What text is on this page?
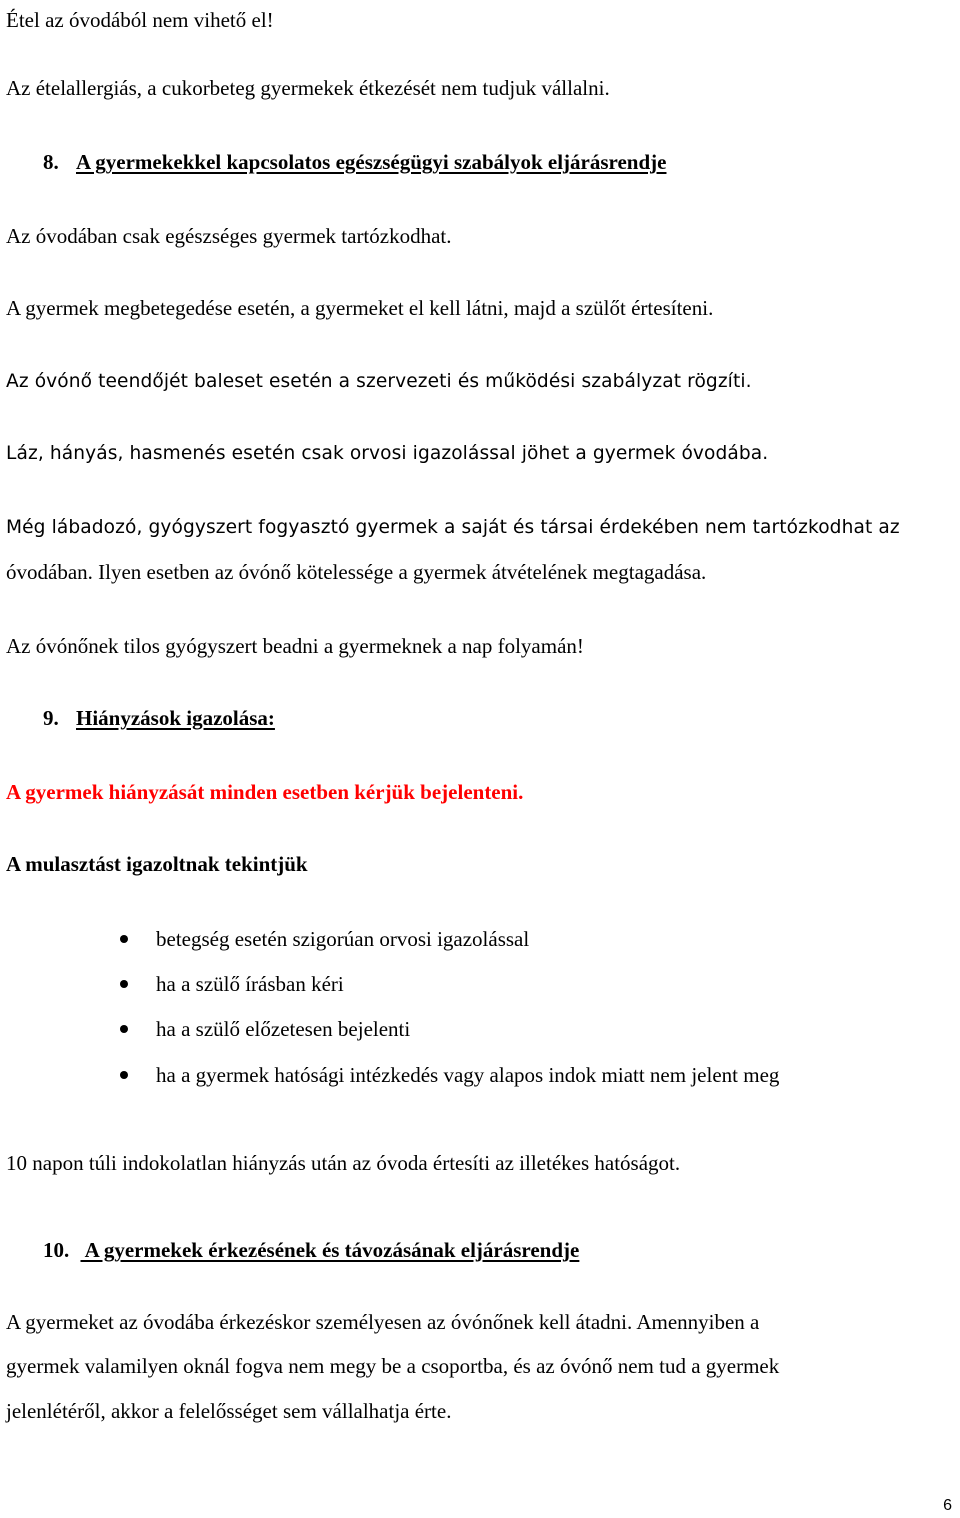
Étel az óvodából nem vihető el!
Az ételallergiás, a cukorbeteg gyermekek étkezését nem tudjuk vállalni.
8. A gyermekekkel kapcsolatos egészségügyi szabályok eljárásrendje
Az óvodában csak egészséges gyermek tartózkodhat.
A gyermek megbetegedése esetén, a gyermeket el kell látni, majd a szülőt értesíteni.
Az óvónő teendőjét baleset esetén a szervezeti és működési szabályzat rögzíti.
Láz, hányás, hasmenés esetén csak orvosi igazolással jöhet a gyermek óvodába.
Még lábadozó, gyógyszert fogyasztó gyermek a saját és társai érdekében nem tartózkodhat az
óvodában. Ilyen esetben az óvónő kötelessége a gyermek átvételének megtagadása.
Az óvónőnek tilos gyógyszert beadni a gyermeknek a nap folyamán!
9. Hiányzások igazolása:
A gyermek hiányzását minden esetben kérjük bejelenteni.
A mulasztást igazoltnak tekintjük
betegség esetén szigorúan orvosi igazolással
ha a szülő írásban kéri
ha a szülő előzetesen bejelenti
ha a gyermek hatósági intézkedés vagy alapos indok miatt nem jelent meg
10 napon túli indokolatlan hiányzás után az óvoda értesíti az illetékes hatóságot.
10.  A gyermekek érkezésének és távozásának eljárásrendje
A gyermeket az óvodába érkezéskor személyesen az óvónőnek kell átadni. Amennyiben a
gyermek valamilyen oknál fogva nem megy be a csoportba, és az óvónő nem tud a gyermek
jelenlétéről, akkor a felelősséget sem vállalhatja érte.
6
